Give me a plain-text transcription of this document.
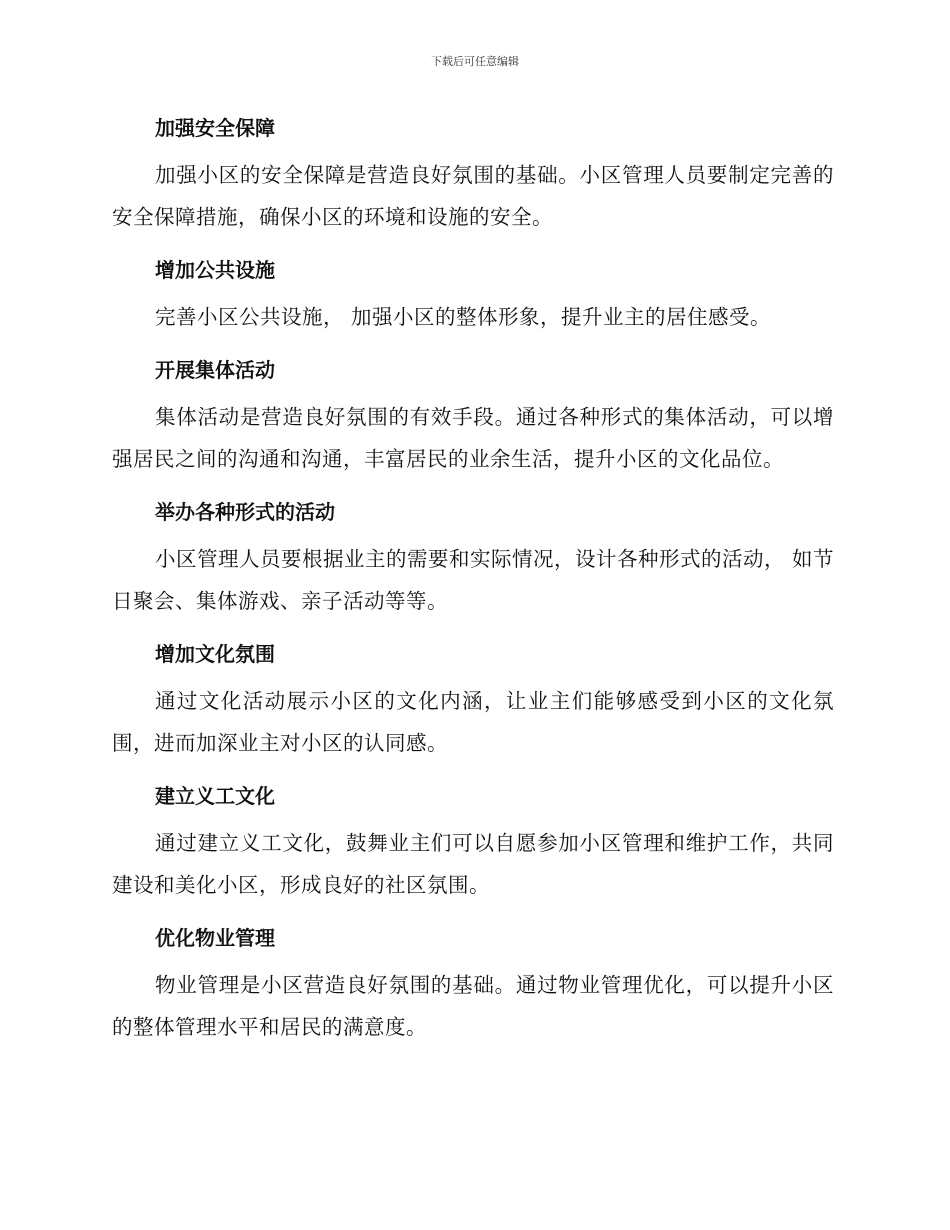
下载后可任意编辑
加强安全保障

加强小区的安全保障是营造良好氛围的基础。小区管理人员要制定完善的安全保障措施，确保小区的环境和设施的安全。

增加公共设施

完善小区公共设施， 加强小区的整体形象，提升业主的居住感受。

开展集体活动

集体活动是营造良好氛围的有效手段。通过各种形式的集体活动，可以增强居民之间的沟通和沟通，丰富居民的业余生活，提升小区的文化品位。

举办各种形式的活动

小区管理人员要根据业主的需要和实际情况，设计各种形式的活动， 如节日聚会、集体游戏、亲子活动等等。

增加文化氛围

通过文化活动展示小区的文化内涵，让业主们能够感受到小区的文化氛围，进而加深业主对小区的认同感。

建立义工文化

通过建立义工文化，鼓舞业主们可以自愿参加小区管理和维护工作，共同建设和美化小区，形成良好的社区氛围。

优化物业管理

物业管理是小区营造良好氛围的基础。通过物业管理优化，可以提升小区的整体管理水平和居民的满意度。
